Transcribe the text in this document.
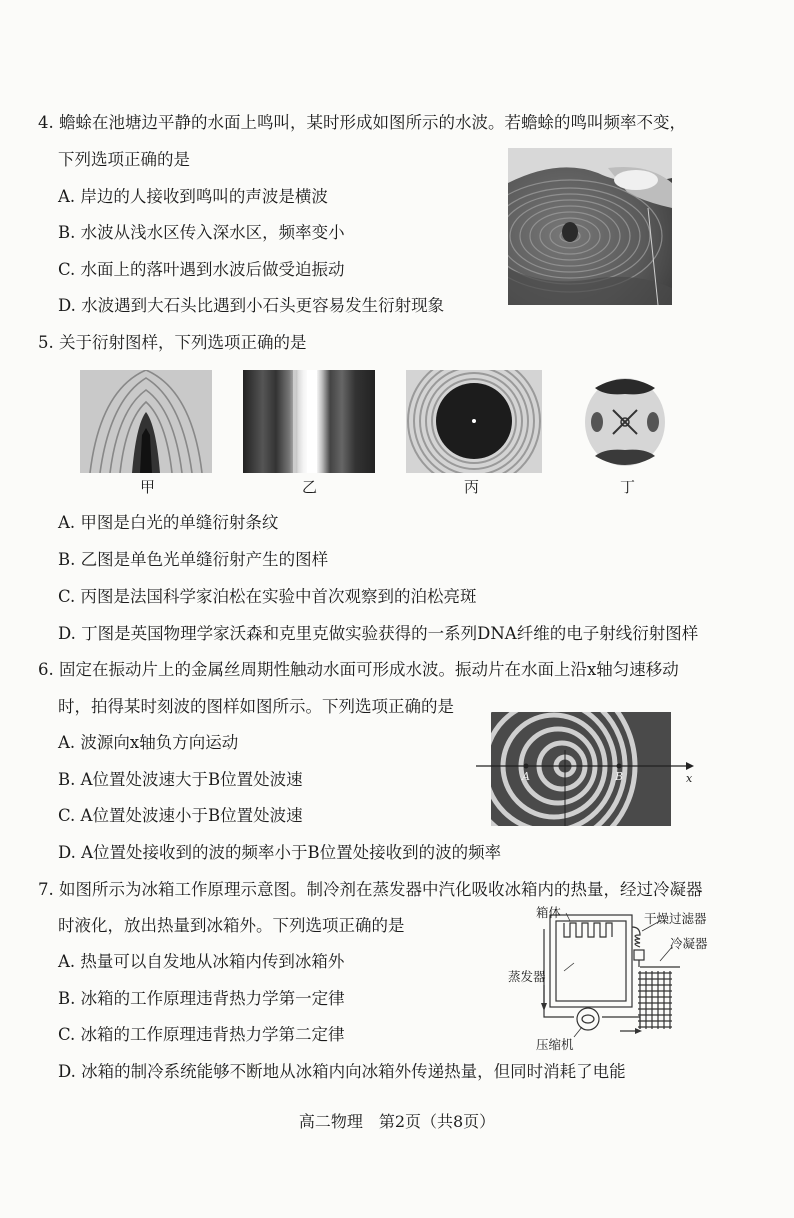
4. 蟾蜍在池塘边平静的水面上鸣叫，某时形成如图所示的水波。若蟾蜍的鸣叫频率不变，
下列选项正确的是
A. 岸边的人接收到鸣叫的声波是横波
B. 水波从浅水区传入深水区，频率变小
C. 水面上的落叶遇到水波后做受迫振动
D. 水波遇到大石头比遇到小石头更容易发生衍射现象
5. 关于衍射图样，下列选项正确的是
甲	乙	丙	丁
A. 甲图是白光的单缝衍射条纹
B. 乙图是单色光单缝衍射产生的图样
C. 丙图是法国科学家泊松在实验中首次观察到的泊松亮斑
D. 丁图是英国物理学家沃森和克里克做实验获得的一系列DNA纤维的电子射线衍射图样
6. 固定在振动片上的金属丝周期性触动水面可形成水波。振动片在水面上沿x轴匀速移动
时，拍得某时刻波的图样如图所示。下列选项正确的是
A. 波源向x轴负方向运动
B. A位置处波速大于B位置处波速
C. A位置处波速小于B位置处波速
D. A位置处接收到的波的频率小于B位置处接收到的波的频率
A	B	x
7. 如图所示为冰箱工作原理示意图。制冷剂在蒸发器中汽化吸收冰箱内的热量，经过冷凝器
时液化，放出热量到冰箱外。下列选项正确的是
A. 热量可以自发地从冰箱内传到冰箱外
B. 冰箱的工作原理违背热力学第一定律
C. 冰箱的工作原理违背热力学第二定律
D. 冰箱的制冷系统能够不断地从冰箱内向冰箱外传递热量，但同时消耗了电能
箱体	干燥过滤器
冷凝器
蒸发器
压缩机
高二物理　第2页（共8页）
